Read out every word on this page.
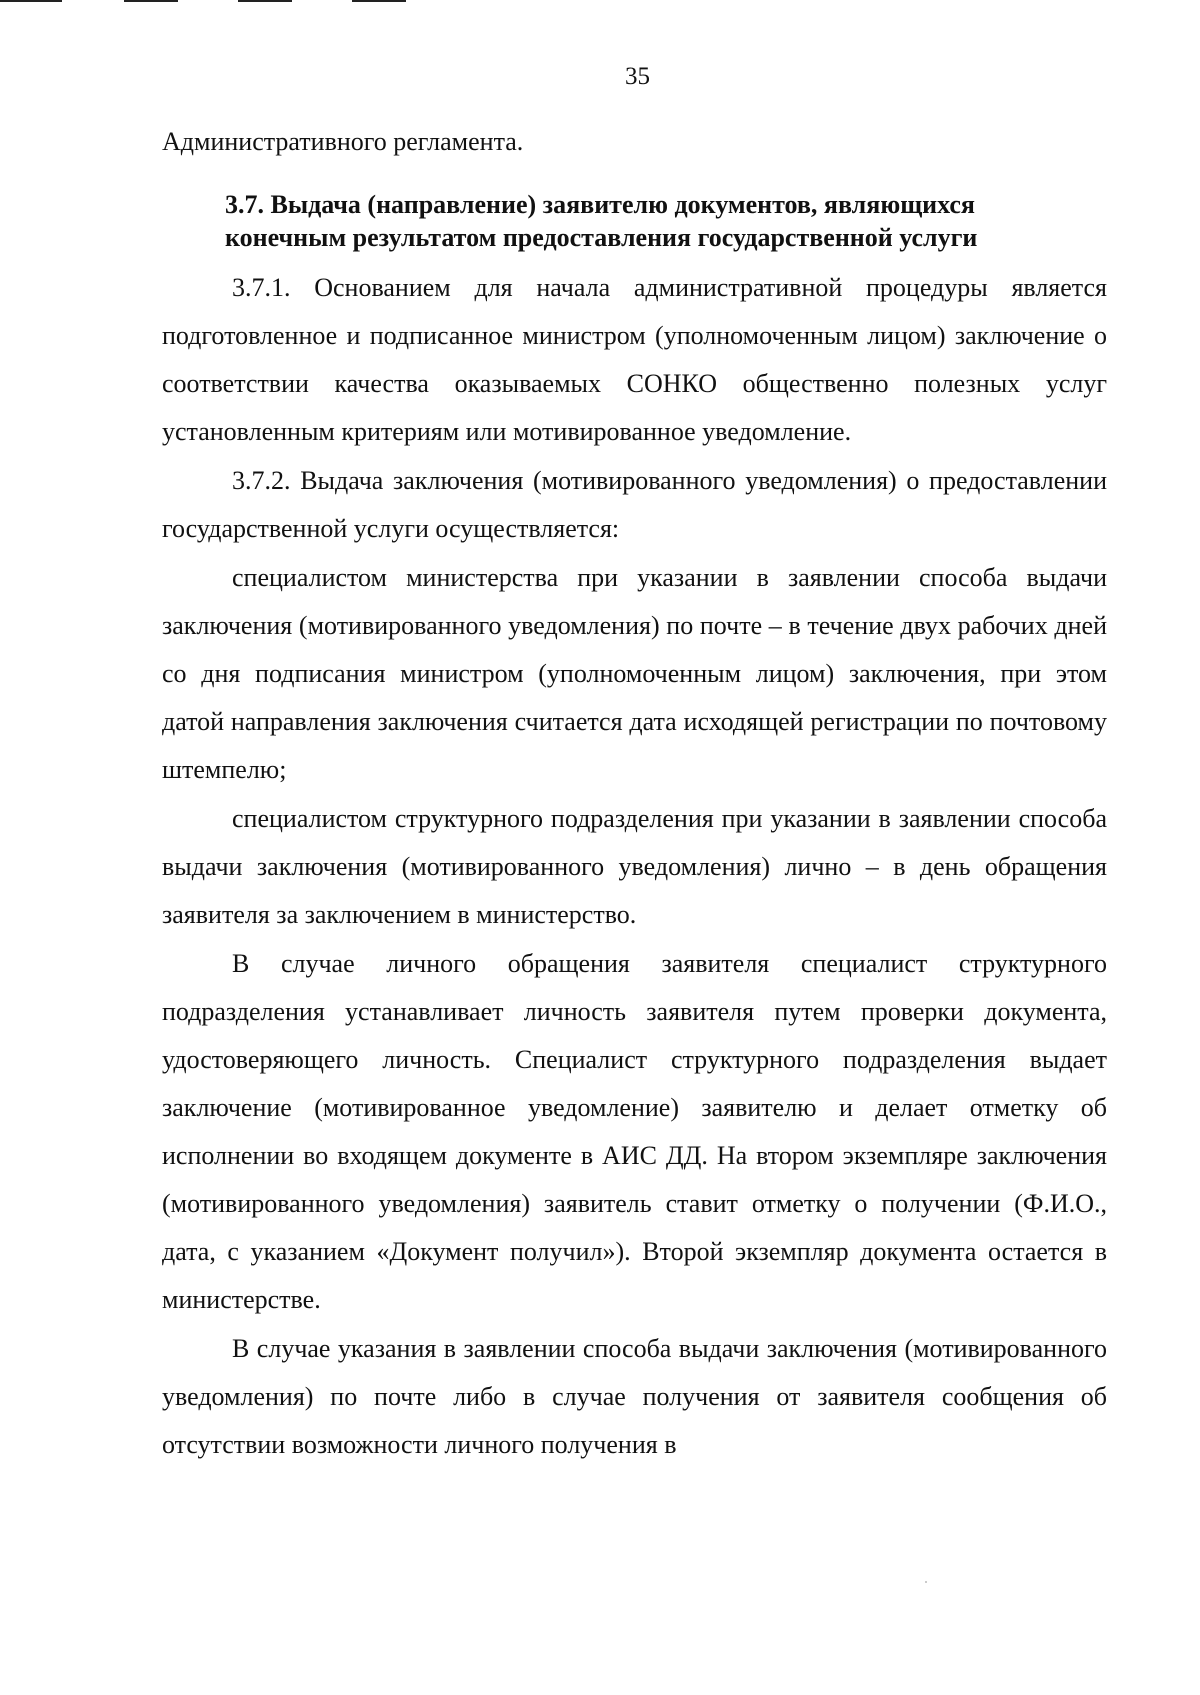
35

Административного регламента.

3.7. Выдача (направление) заявителю документов, являющихся
конечным результатом предоставления государственной услуги

3.7.1. Основанием для начала административной процедуры является подготовленное и подписанное министром (уполномоченным лицом) заключение о соответствии качества оказываемых СОНКО общественно полезных услуг установленным критериям или мотивированное уведомление.

3.7.2. Выдача заключения (мотивированного уведомления) о предоставлении государственной услуги осуществляется:

специалистом министерства при указании в заявлении способа выдачи заключения (мотивированного уведомления) по почте – в течение двух рабочих дней со дня подписания министром (уполномоченным лицом) заключения, при этом датой направления заключения считается дата исходящей регистрации по почтовому штемпелю;

специалистом структурного подразделения при указании в заявлении способа выдачи заключения (мотивированного уведомления) лично – в день обращения заявителя за заключением в министерство.

В случае личного обращения заявителя специалист структурного подразделения устанавливает личность заявителя путем проверки документа, удостоверяющего личность. Специалист структурного подразделения выдает заключение (мотивированное уведомление) заявителю и делает отметку об исполнении во входящем документе в АИС ДД. На втором экземпляре заключения (мотивированного уведомления) заявитель ставит отметку о получении (Ф.И.О., дата, с указанием «Документ получил»). Второй экземпляр документа остается в министерстве.

В случае указания в заявлении способа выдачи заключения (мотивированного уведомления) по почте либо в случае получения от заявителя сообщения об отсутствии возможности личного получения в
